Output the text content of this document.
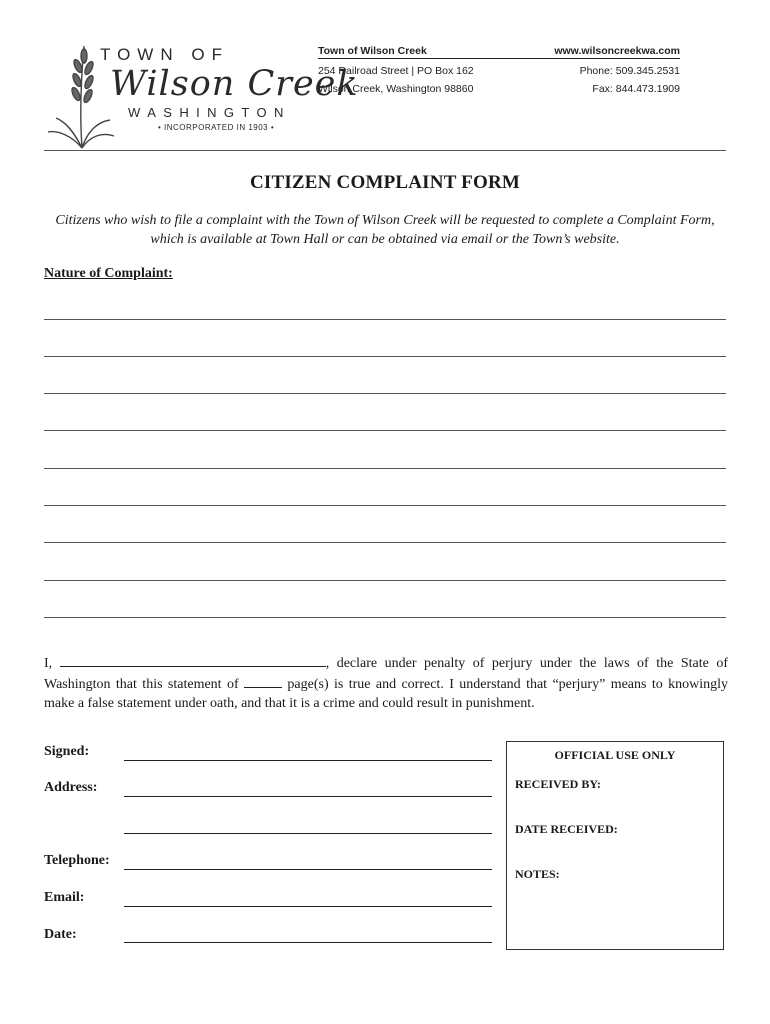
TOWN OF
Wilson Creek
WASHINGTON
• INCORPORATED IN 1903 •
Town of Wilson Creek	www.wilsoncreekwa.com
254 Railroad Street | PO Box 162	Phone: 509.345.2531
Wilson Creek, Washington 98860	Fax: 844.473.1909
CITIZEN COMPLAINT FORM
Citizens who wish to file a complaint with the Town of Wilson Creek will be requested to complete a Complaint Form, which is available at Town Hall or can be obtained via email or the Town’s website.
Nature of Complaint:
I,	, declare under penalty of perjury under the laws of the State of Washington that this statement of	page(s) is true and correct. I understand that “perjury” means to knowingly make a false statement under oath, and that it is a crime and could result in punishment.
Signed:
Address:
Telephone:
Email:
Date:
OFFICIAL USE ONLY
RECEIVED BY:
DATE RECEIVED:
NOTES:
